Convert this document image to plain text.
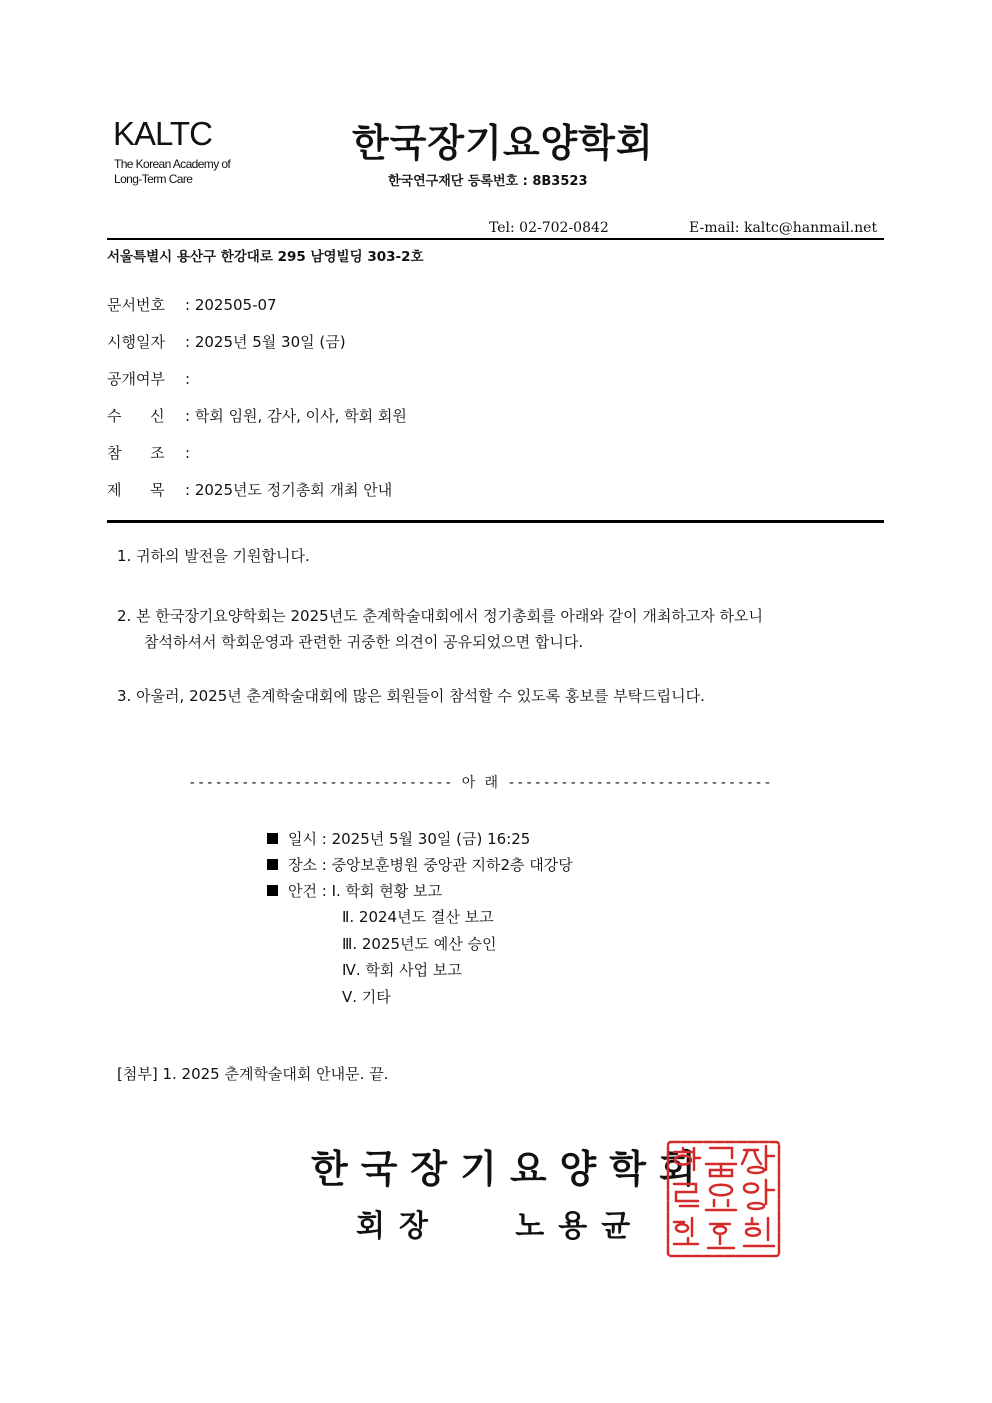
KALTC
The Korean Academy of
Long-Term Care
한국장기요양학회
한국연구재단 등록번호 : 8B3523
Tel: 02-702-0842	E-mail: kaltc@hanmail.net
서울특별시 용산구 한강대로 295 남영빌딩 303-2호
문서번호 : 202505-07
시행일자 : 2025년 5월 30일 (금)
공개여부 :
수      신 : 학회 임원, 감사, 이사, 학회 회원
참      조 :
제      목 : 2025년도 정기총회 개최 안내
1. 귀하의 발전을 기원합니다.
2. 본 한국장기요양학회는 2025년도 춘계학술대회에서 정기총회를 아래와 같이 개최하고자 하오니
참석하셔서 학회운영과 관련한 귀중한 의견이 공유되었으면 합니다.
3. 아울러, 2025년 춘계학술대회에 많은 회원들이 참석할 수 있도록 홍보를 부탁드립니다.
------------------------------ 아 래 ------------------------------
일시 : 2025년 5월 30일 (금) 16:25
장소 : 중앙보훈병원 중앙관 지하2층 대강당
안건 : Ⅰ. 학회 현황 보고
Ⅱ. 2024년도 결산 보고
Ⅲ. 2025년도 예산 승인
Ⅳ. 학회 사업 보고
Ⅴ. 기타
[첨부] 1. 2025 춘계학술대회 안내문. 끝.
한국장기요양학회
회장   노용균
